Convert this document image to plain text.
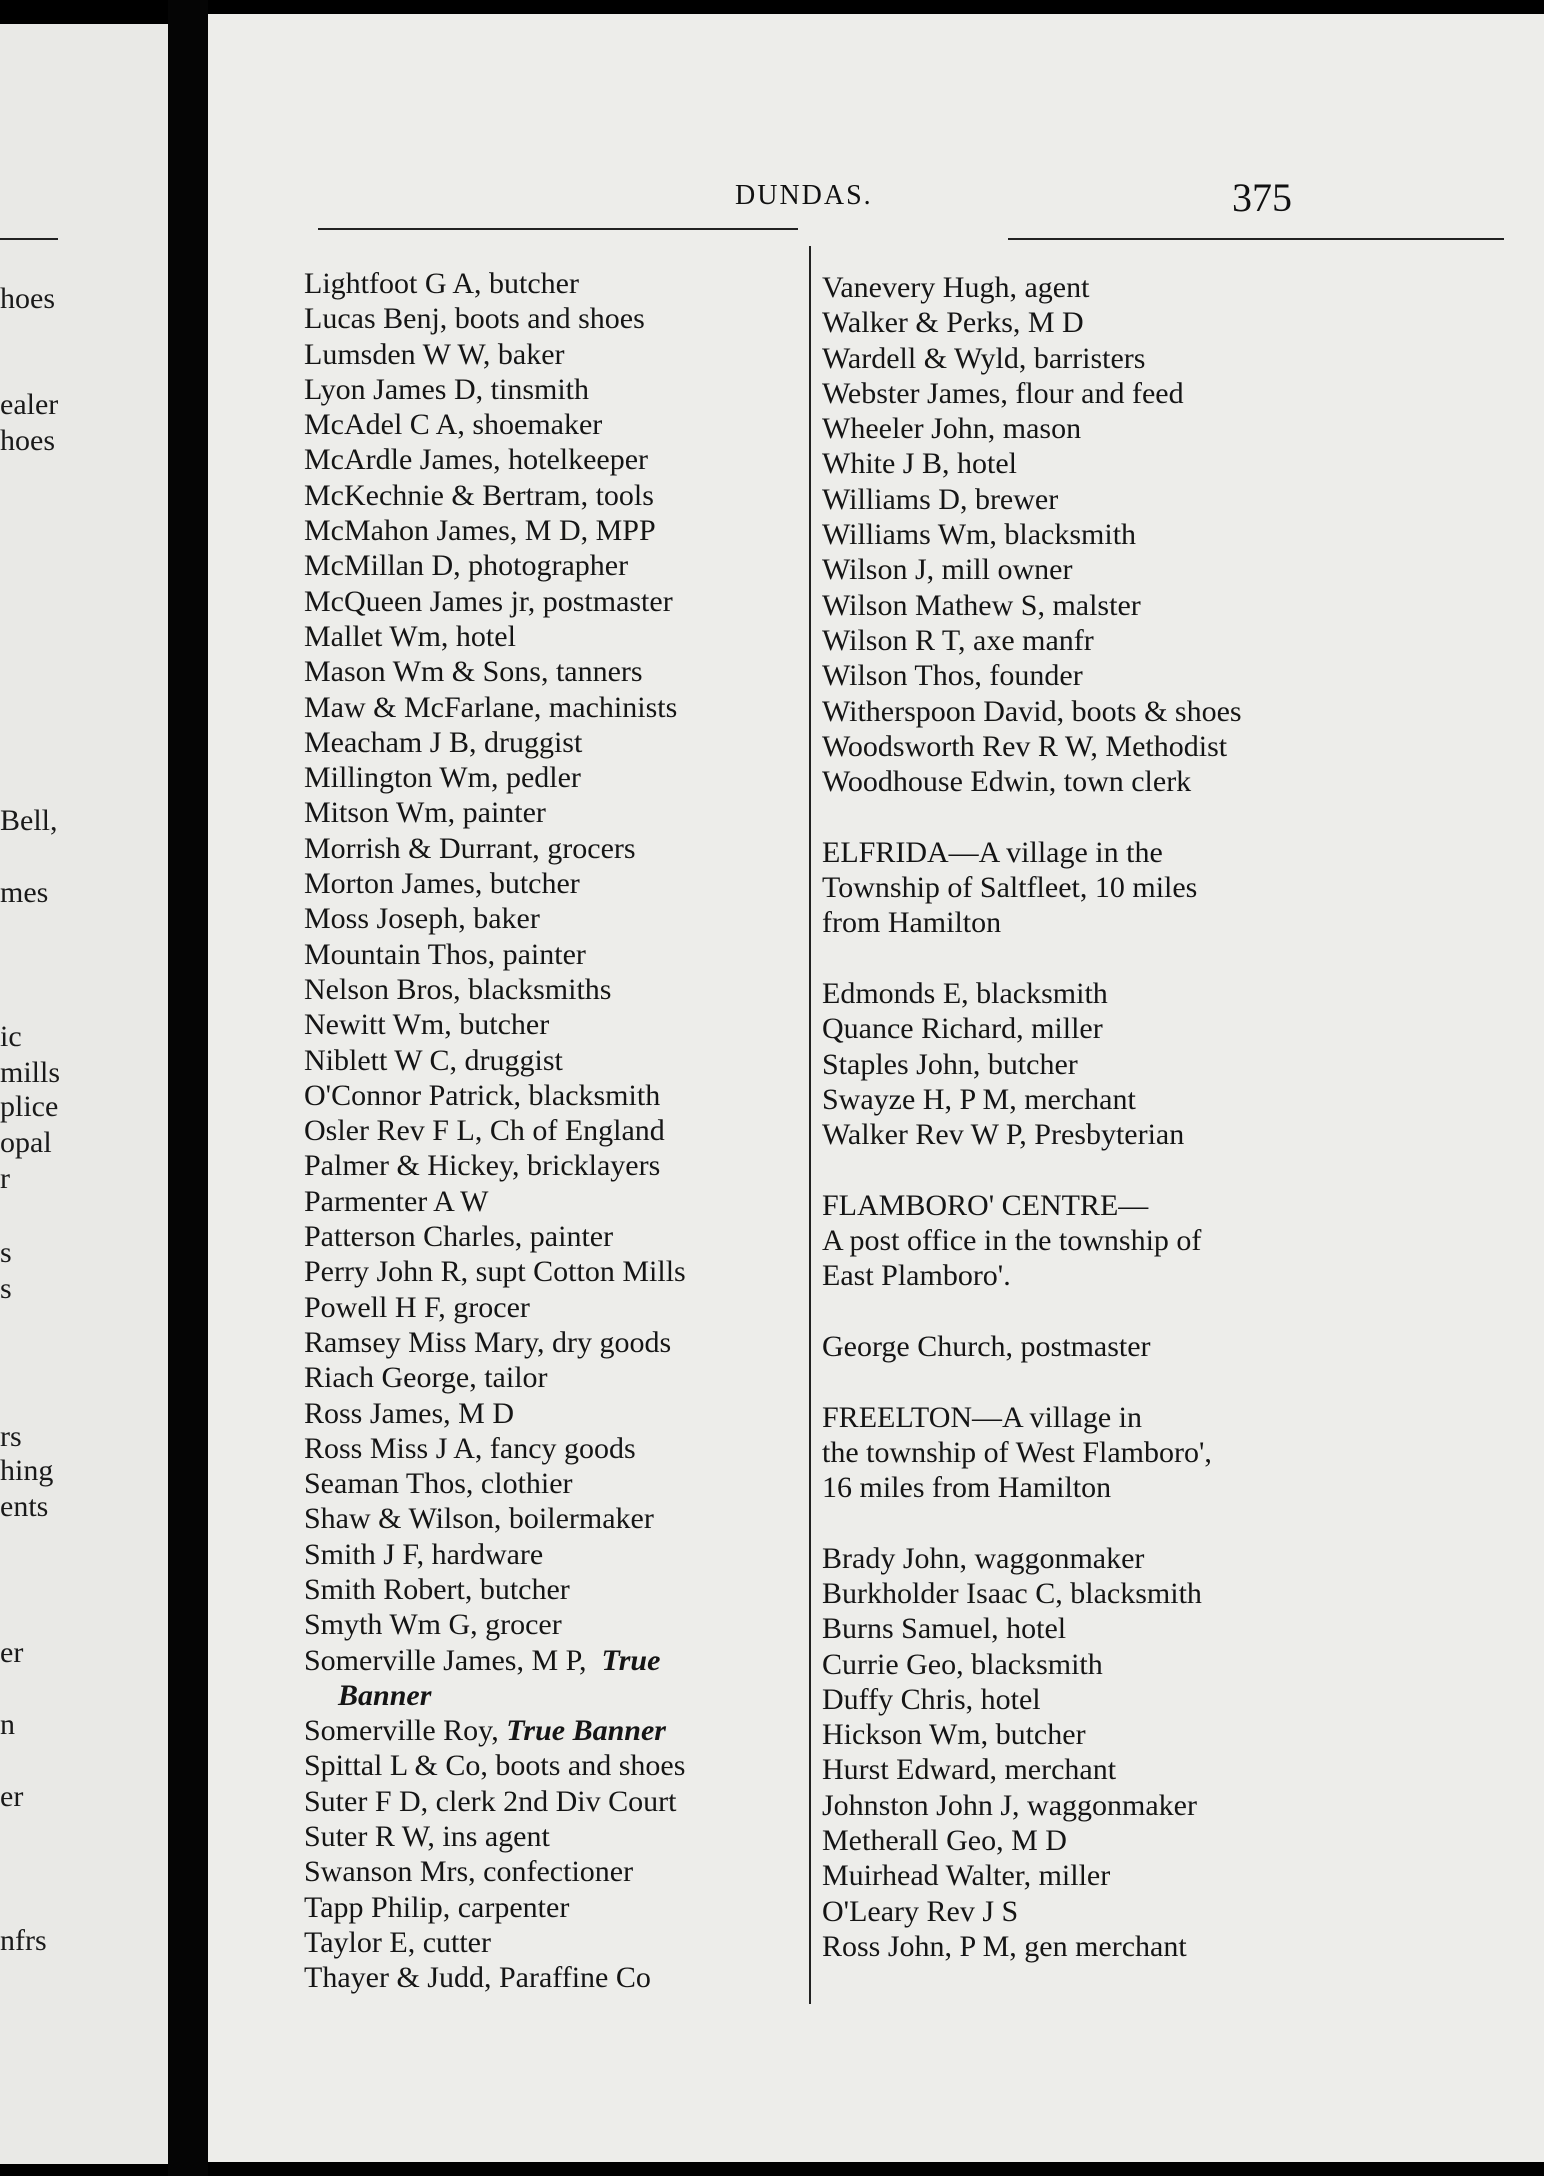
hoes
ealer
hoes
Bell,
mes
ic
mills
plice
opal
r
s
s
rs
hing
ents
er
n
er
nfrs
DUNDAS.	375
Lightfoot G A, butcher
Lucas Benj, boots and shoes
Lumsden W W, baker
Lyon James D, tinsmith
McAdel C A, shoemaker
McArdle James, hotelkeeper
McKechnie & Bertram, tools
McMahon James, M D, MPP
McMillan D, photographer
McQueen James jr, postmaster
Mallet Wm, hotel
Mason Wm & Sons, tanners
Maw & McFarlane, machinists
Meacham J B, druggist
Millington Wm, pedler
Mitson Wm, painter
Morrish & Durrant, grocers
Morton James, butcher
Moss Joseph, baker
Mountain Thos, painter
Nelson Bros, blacksmiths
Newitt Wm, butcher
Niblett W C, druggist
O'Connor Patrick, blacksmith
Osler Rev F L, Ch of England
Palmer & Hickey, bricklayers
Parmenter A W
Patterson Charles, painter
Perry John R, supt Cotton Mills
Powell H F, grocer
Ramsey Miss Mary, dry goods
Riach George, tailor
Ross James, M D
Ross Miss J A, fancy goods
Seaman Thos, clothier
Shaw & Wilson, boilermaker
Smith J F, hardware
Smith Robert, butcher
Smyth Wm G, grocer
Somerville James, M P, True
Banner
Somerville Roy, True Banner
Spittal L & Co, boots and shoes
Suter F D, clerk 2nd Div Court
Suter R W, ins agent
Swanson Mrs, confectioner
Tapp Philip, carpenter
Taylor E, cutter
Thayer & Judd, Paraffine Co
Vanevery Hugh, agent
Walker & Perks, M D
Wardell & Wyld, barristers
Webster James, flour and feed
Wheeler John, mason
White J B, hotel
Williams D, brewer
Williams Wm, blacksmith
Wilson J, mill owner
Wilson Mathew S, malster
Wilson R T, axe manfr
Wilson Thos, founder
Witherspoon David, boots & shoes
Woodsworth Rev R W, Methodist
Woodhouse Edwin, town clerk
ELFRIDA—A village in the
Township of Saltfleet, 10 miles
from Hamilton
Edmonds E, blacksmith
Quance Richard, miller
Staples John, butcher
Swayze H, P M, merchant
Walker Rev W P, Presbyterian
FLAMBORO' CENTRE—
A post office in the township of
East Plamboro'.
George Church, postmaster
FREELTON—A village in
the township of West Flamboro',
16 miles from Hamilton
Brady John, waggonmaker
Burkholder Isaac C, blacksmith
Burns Samuel, hotel
Currie Geo, blacksmith
Duffy Chris, hotel
Hickson Wm, butcher
Hurst Edward, merchant
Johnston John J, waggonmaker
Metherall Geo, M D
Muirhead Walter, miller
O'Leary Rev J S
Ross John, P M, gen merchant
